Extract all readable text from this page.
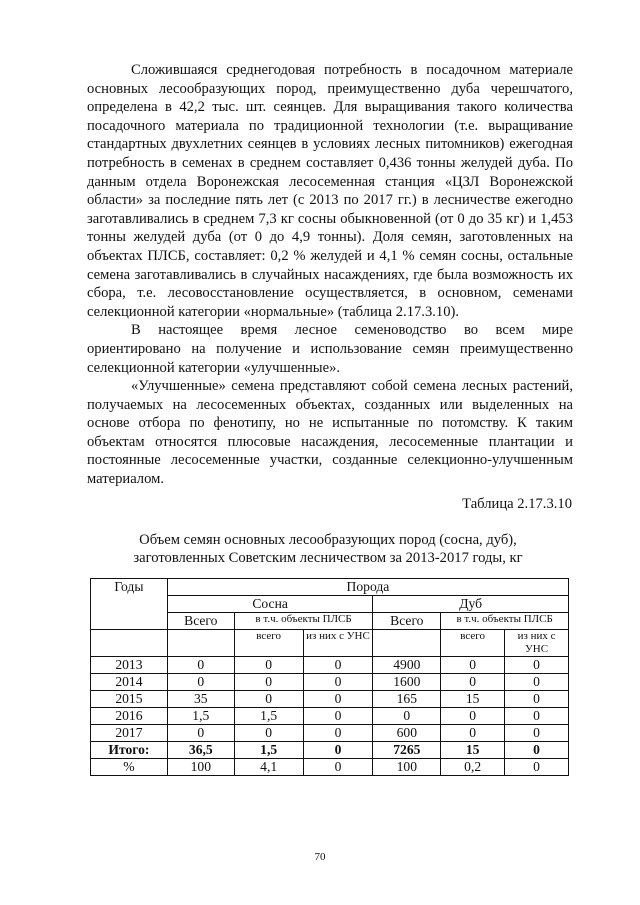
Сложившаяся среднегодовая потребность в посадочном материале основных лесообразующих пород, преимущественно дуба черешчатого, определена в 42,2 тыс. шт. сеянцев. Для выращивания такого количества посадочного материала по традиционной технологии (т.е. выращивание стандартных двухлетних сеянцев в условиях лесных питомников) ежегодная потребность в семенах в среднем составляет 0,436 тонны желудей дуба. По данным отдела Воронежская лесосеменная станция «ЦЗЛ Воронежской области» за последние пять лет (с 2013 по 2017 гг.) в лесничестве ежегодно заготавливались в среднем 7,3 кг сосны обыкновенной (от 0 до 35 кг) и 1,453 тонны желудей дуба (от 0 до 4,9 тонны). Доля семян, заготовленных на объектах ПЛСБ, составляет: 0,2 % желудей и 4,1 % семян сосны, остальные семена заготавливались в случайных насаждениях, где была возможность их сбора, т.е. лесовосстановление осуществляется, в основном, семенами селекционной категории «нормальные» (таблица 2.17.3.10).

В настоящее время лесное семеноводство во всем мире ориентировано на получение и использование семян преимущественно селекционной категории «улучшенные».

«Улучшенные» семена представляют собой семена лесных растений, получаемых на лесосеменных объектах, созданных или выделенных на основе отбора по фенотипу, но не испытанные по потомству. К таким объектам относятся плюсовые насаждения, лесосеменные плантации и постоянные лесосеменные участки, созданные селекционно-улучшенным материалом.

Таблица 2.17.3.10
Объем семян основных лесообразующих пород (сосна, дуб),
заготовленных Советским лесничеством за 2013-2017 годы, кг
Годы	Порода					
	Сосна			Дуб		
	Всего	в т.ч. объекты ПЛСБ		Всего	в т.ч. объекты ПЛСБ	
		всего	из них с УНС		всего	из них с УНС
2013	0	0	0	4900	0	0
2014	0	0	0	1600	0	0
2015	35	0	0	165	15	0
2016	1,5	1,5	0	0	0	0
2017	0	0	0	600	0	0
Итого:	36,5	1,5	0	7265	15	0
%	100	4,1	0	100	0,2	0
70
